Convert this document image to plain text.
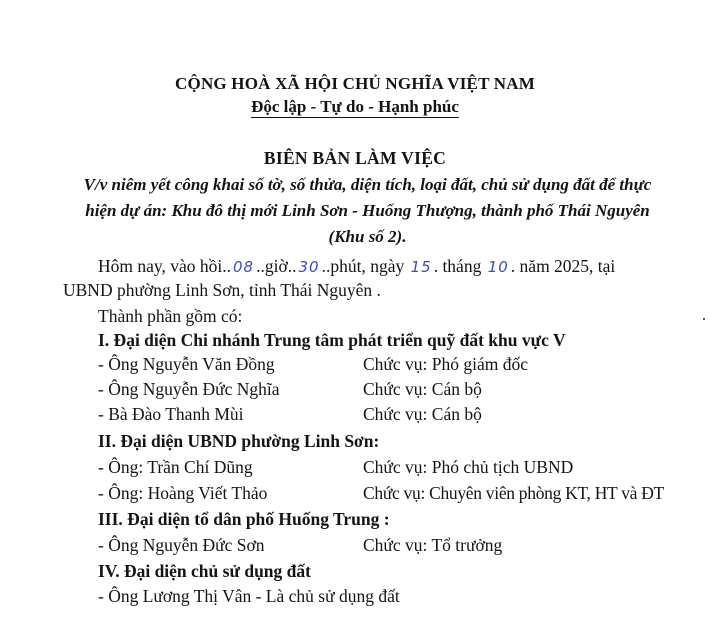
CỘNG HOÀ XÃ HỘI CHỦ NGHĨA VIỆT NAM
Độc lập - Tự do - Hạnh phúc
BIÊN BẢN LÀM VIỆC
V/v niêm yết công khai số tờ, số thửa, diện tích, loại đất, chủ sử dụng đất để thực hiện dự án: Khu đô thị mới Linh Sơn - Huống Thượng, thành phố Thái Nguyên (Khu số 2).
Hôm nay, vào hồi.. 08 ..giờ.. 30 ..phút, ngày 15 . tháng 10 . năm 2025, tại
UBND phường Linh Sơn, tỉnh Thái Nguyên .
Thành phần gồm có:
I. Đại diện Chi nhánh Trung tâm phát triển quỹ đất khu vực V
- Ông Nguyễn Văn Đồng	Chức vụ: Phó giám đốc
- Ông Nguyễn Đức Nghĩa	Chức vụ: Cán bộ
- Bà Đào Thanh Mùi	Chức vụ: Cán bộ
II. Đại diện UBND phường Linh Sơn:
- Ông: Trần Chí Dũng	Chức vụ: Phó chủ tịch UBND
- Ông: Hoàng Viết Thảo	Chức vụ: Chuyên viên phòng KT, HT và ĐT
III. Đại diện tổ dân phố Huống Trung :
- Ông Nguyễn Đức Sơn	Chức vụ: Tổ trưởng
IV. Đại diện chủ sử dụng đất
- Ông Lương Thị Vân - Là chủ sử dụng đất
